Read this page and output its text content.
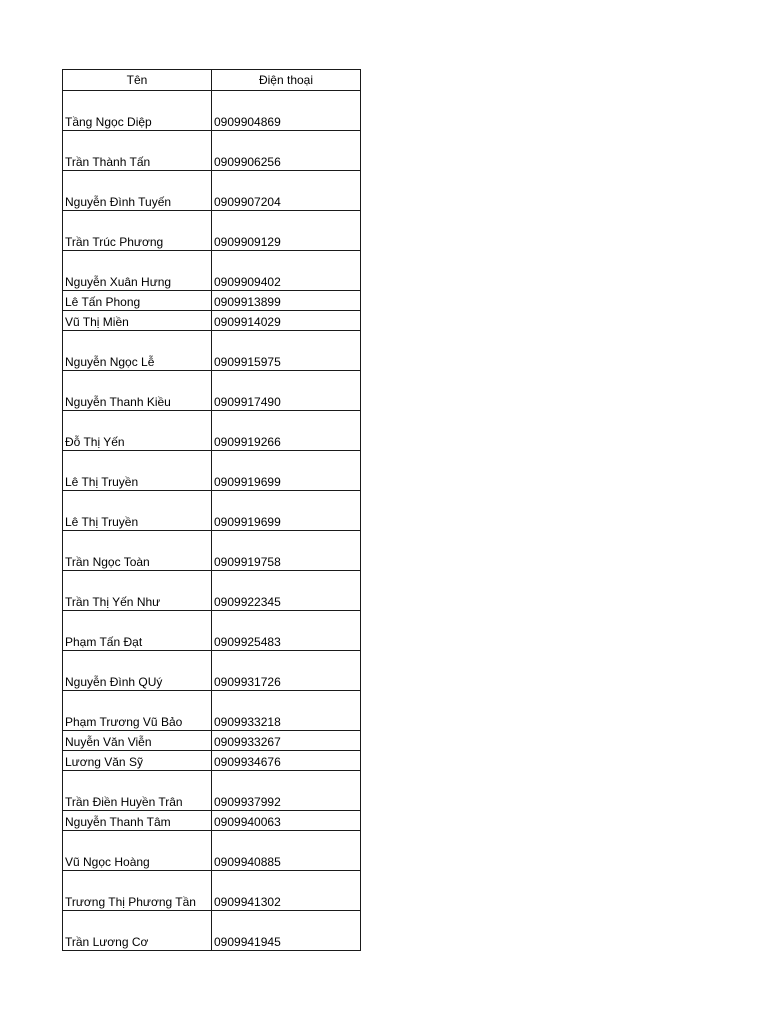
Tên	Điện thoại
Tầng Ngọc Diệp	0909904869
Trần Thành Tấn	0909906256
Nguyễn Đình Tuyến	0909907204
Trần Trúc Phương	0909909129
Nguyễn Xuân Hưng	0909909402
Lê Tấn Phong	0909913899
Vũ Thị Miền	0909914029
Nguyễn Ngọc Lễ	0909915975
Nguyễn Thanh Kiều	0909917490
Đỗ Thị Yến	0909919266
Lê Thị Truyền	0909919699
Lê Thị Truyền	0909919699
Trần Ngọc Toàn	0909919758
Trần Thị Yến Như	0909922345
Phạm Tấn Đạt	0909925483
Nguyễn Đình QUý	0909931726
Phạm Trương Vũ Bảo	0909933218
Nuyễn Văn Viễn	0909933267
Lương Văn Sỹ	0909934676
Trần Điền Huyền Trân	0909937992
Nguyễn Thanh Tâm	0909940063
Vũ Ngọc Hoàng	0909940885
Trương Thị Phương Tần	0909941302
Trần Lương Cơ	0909941945
